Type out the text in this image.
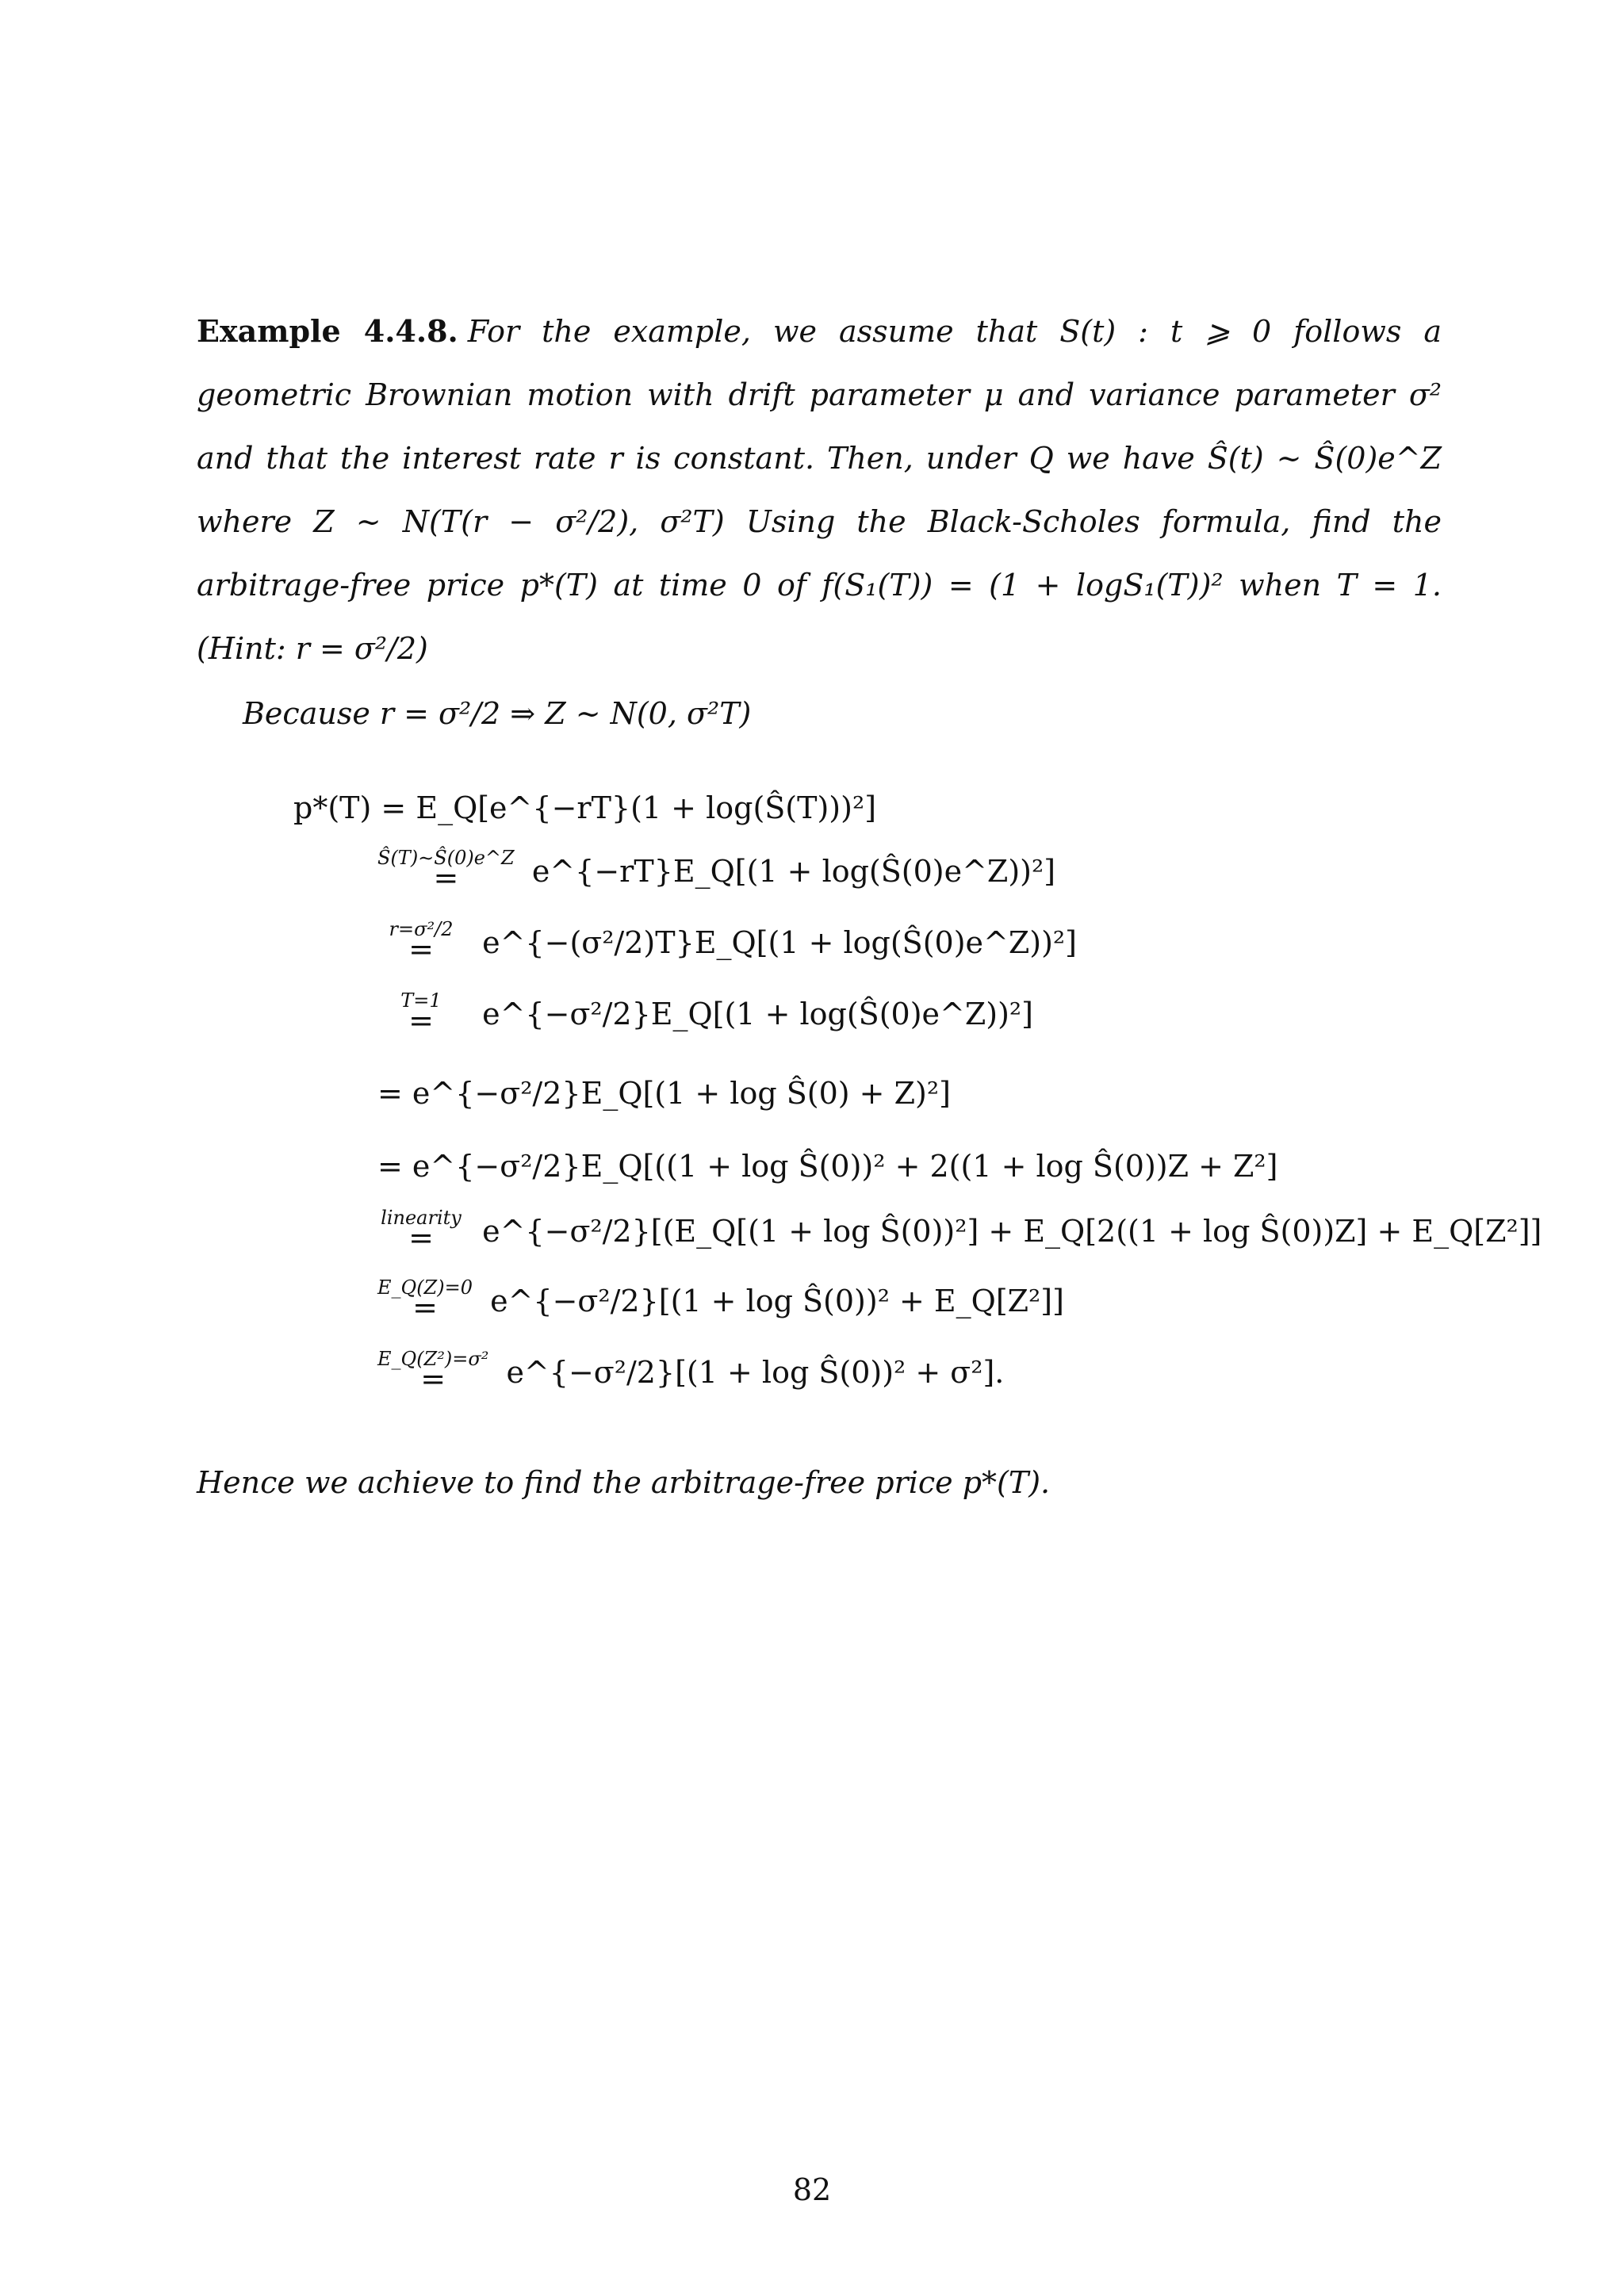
Example 4.4.8. For the example, we assume that S(t) : t ⩾ 0 follows a geometric Brownian motion with drift parameter μ and variance parameter σ² and that the interest rate r is constant. Then, under Q we have Ŝ(t) ∼ Ŝ(0)e^Z where Z ∼ N(T(r − σ²/2), σ²T) Using the Black-Scholes formula, find the arbitrage-free price p*(T) at time 0 of f(S₁(T)) = (1 + logS₁(T))² when T = 1. (Hint: r = σ²/2)
Because r = σ²/2 ⇒ Z ∼ N(0, σ²T)
p*(T) = E_Q[e^{−rT}(1 + log(Ŝ(T)))²]
Ŝ(T)∼Ŝ(0)e^Z
=	e^{−rT}E_Q[(1 + log(Ŝ(0)e^Z))²]
r=σ²/2
=	e^{−(σ²/2)T}E_Q[(1 + log(Ŝ(0)e^Z))²]
T=1
=	e^{−σ²/2}E_Q[(1 + log(Ŝ(0)e^Z))²]
= e^{−σ²/2}E_Q[(1 + log Ŝ(0) + Z)²]
= e^{−σ²/2}E_Q[((1 + log Ŝ(0))² + 2((1 + log Ŝ(0))Z + Z²]
linearity
=	e^{−σ²/2}[(E_Q[(1 + log Ŝ(0))²] + E_Q[2((1 + log Ŝ(0))Z] + E_Q[Z²]]
E_Q(Z)=0
=	e^{−σ²/2}[(1 + log Ŝ(0))² + E_Q[Z²]]
E_Q(Z²)=σ²
=	e^{−σ²/2}[(1 + log Ŝ(0))² + σ²].
Hence we achieve to find the arbitrage-free price p*(T).
82
